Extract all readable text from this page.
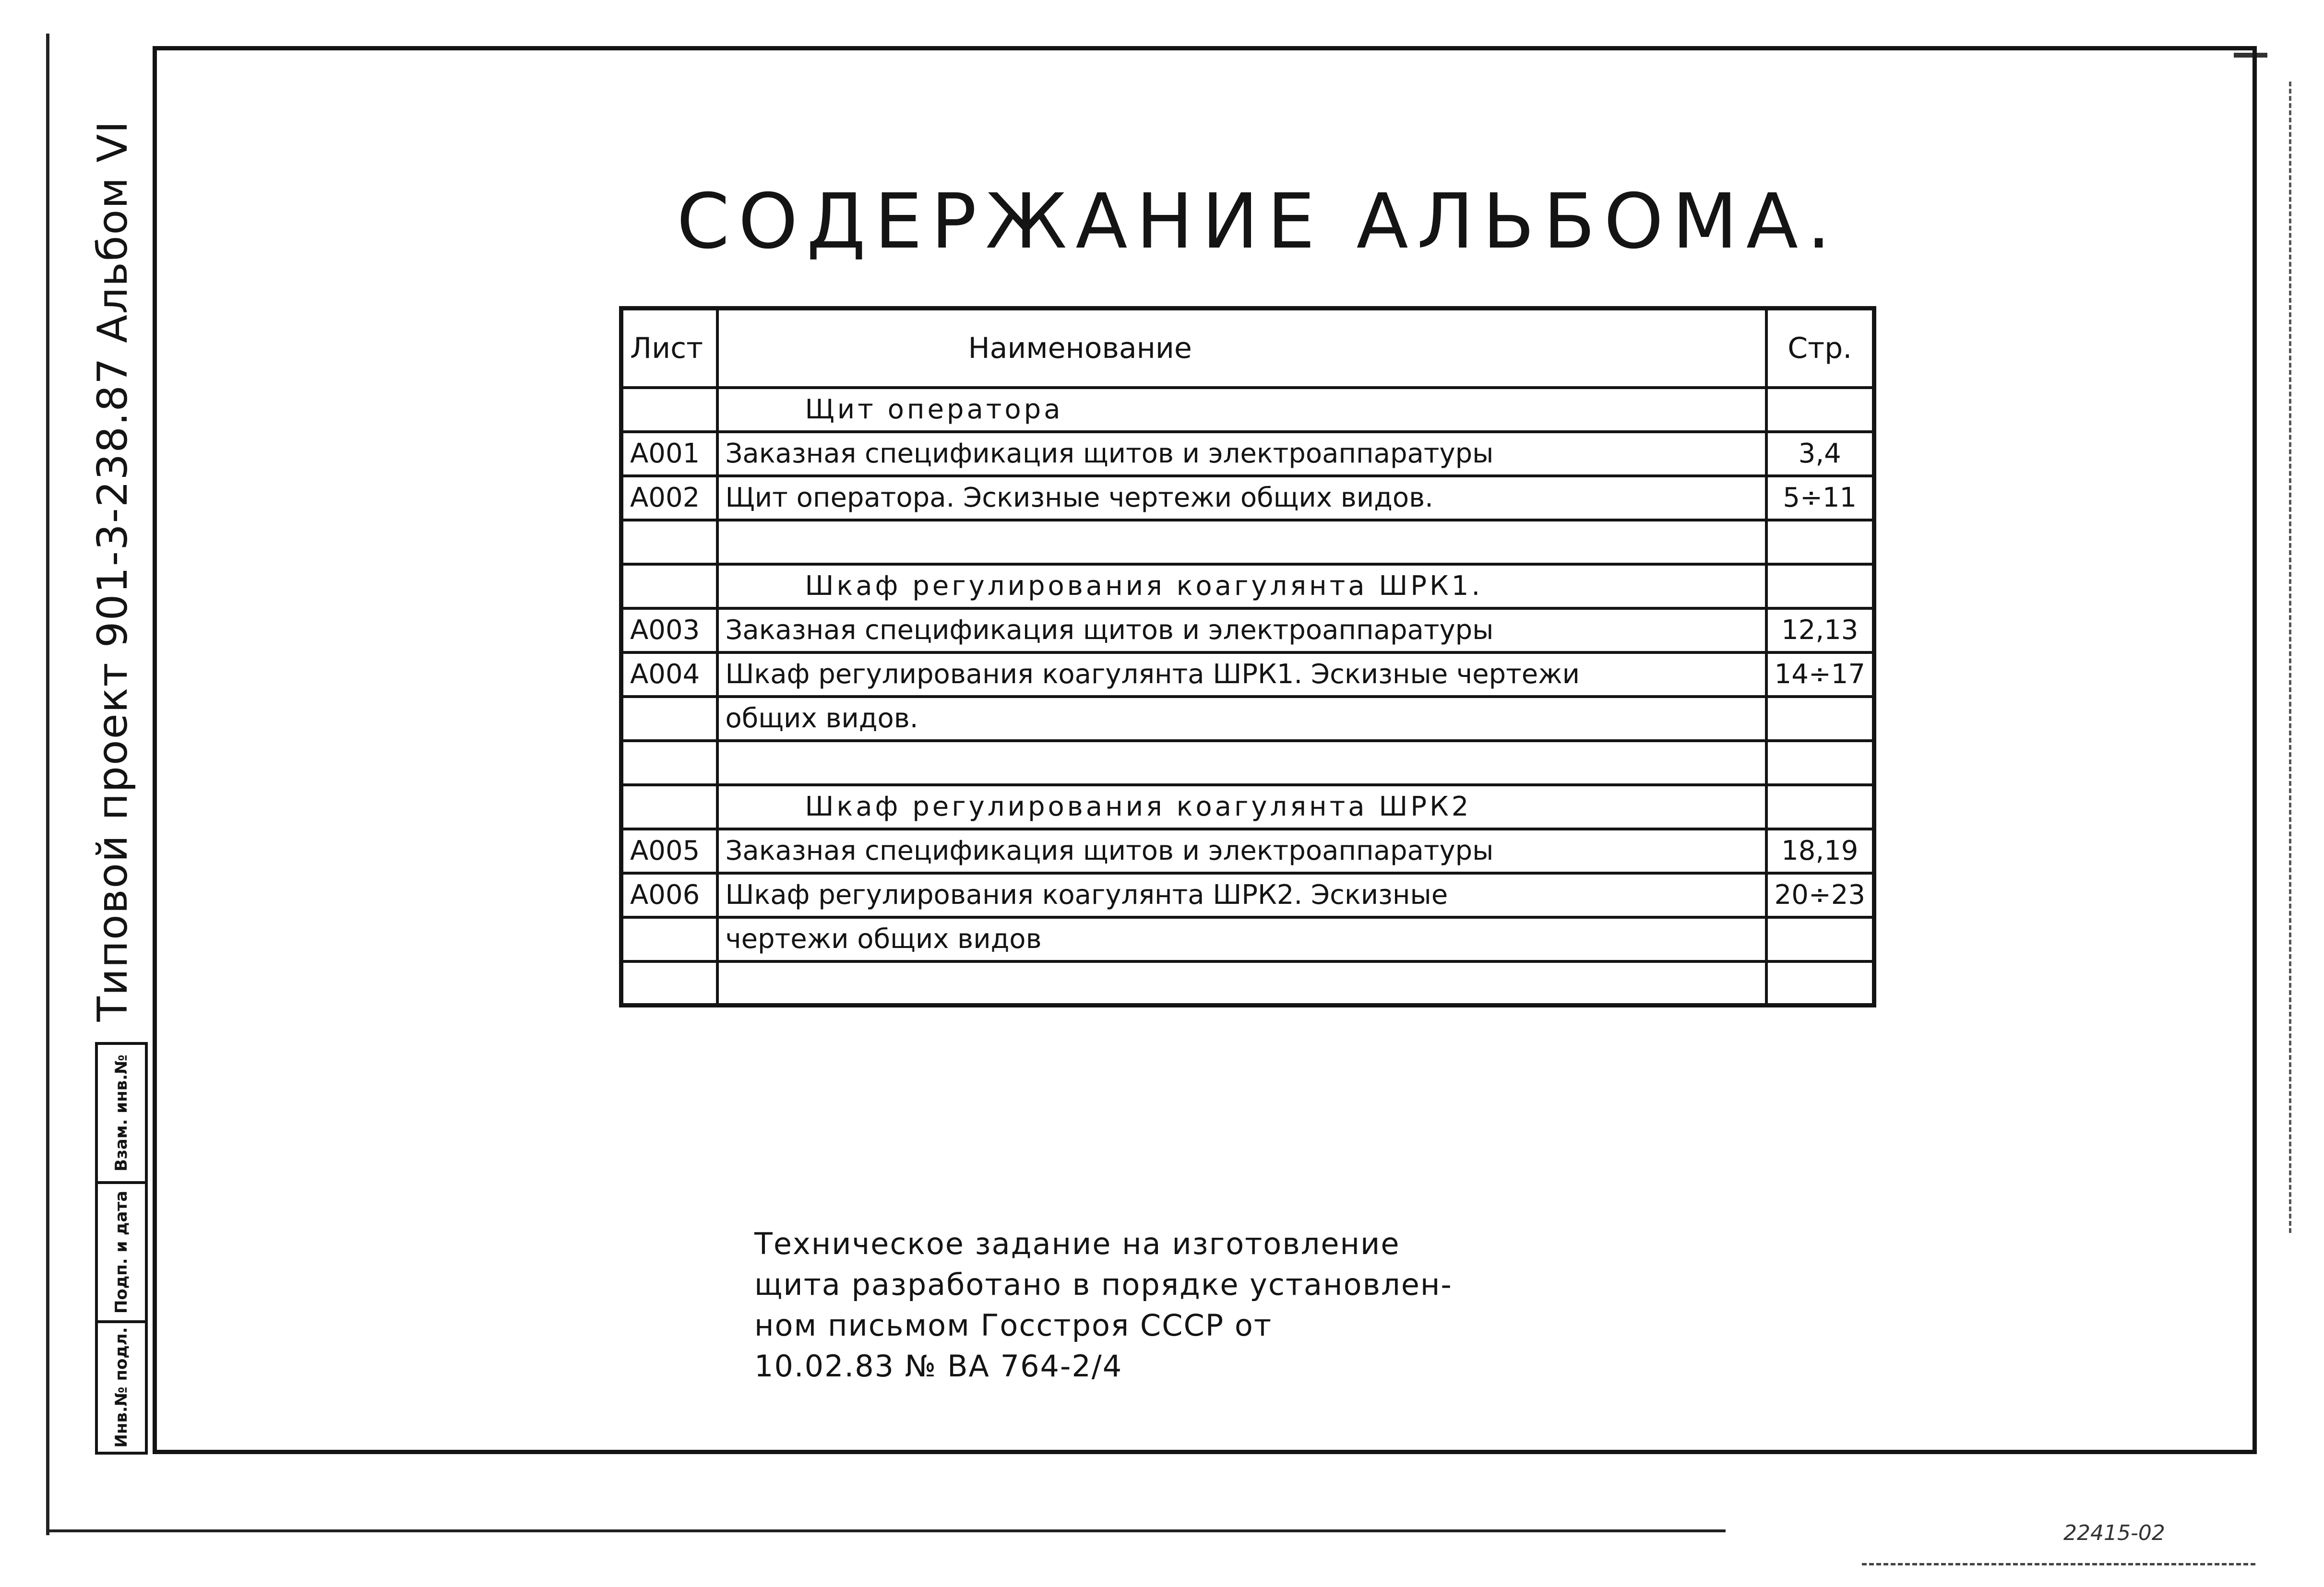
Типовой проект 901-3-238.87 Альбом VI
Взам. инв.№
Подп. и дата
Инв.№ подл.
СОДЕРЖАНИЕ АЛЬБОМА.
Лист	Наименование	Стр.
	Щит оператора	
А001	Заказная спецификация щитов и электроаппаратуры	3,4
А002	Щит оператора. Эскизные чертежи общих видов.	5÷11

	Шкаф регулирования коагулянта ШРК1.	
А003	Заказная спецификация щитов и электроаппаратуры	12,13
А004	Шкаф регулирования коагулянта ШРК1. Эскизные чертежи	14÷17
	общих видов.	

	Шкаф регулирования коагулянта ШРК2	
А005	Заказная спецификация щитов и электроаппаратуры	18,19
А006	Шкаф регулирования коагулянта ШРК2. Эскизные	20÷23
	чертежи общих видов	

Техническое задание на изготовление
щита разработано в порядке установлен-
ном письмом Госстроя СССР от
10.02.83 № ВА 764-2/4
22415-02
